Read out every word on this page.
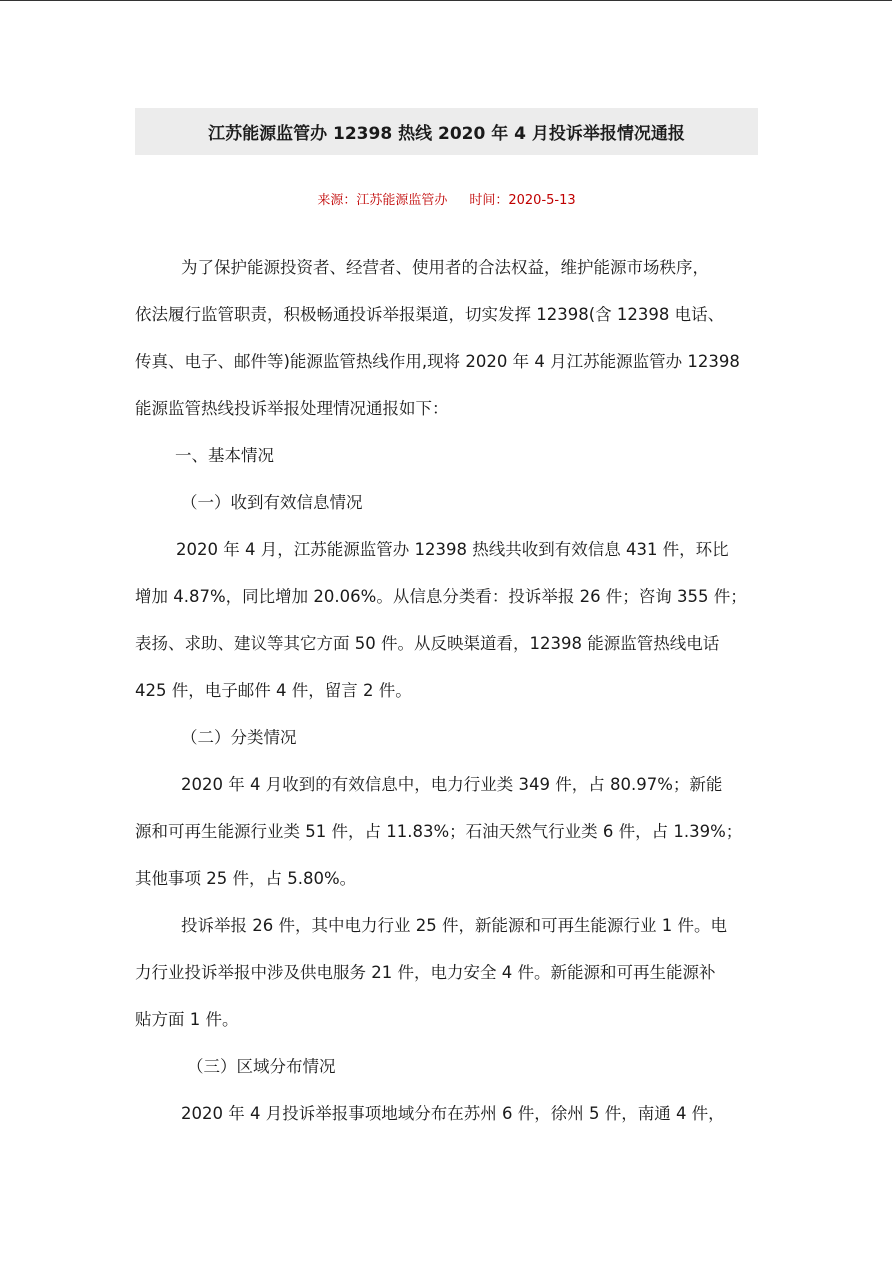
江苏能源监管办 12398 热线 2020 年 4 月投诉举报情况通报
来源：江苏能源监管办 时间：2020-5-13
为了保护能源投资者、经营者、使用者的合法权益，维护能源市场秩序，
依法履行监管职责，积极畅通投诉举报渠道，切实发挥 12398(含 12398 电话、
传真、电子、邮件等)能源监管热线作用,现将 2020 年 4 月江苏能源监管办 12398
能源监管热线投诉举报处理情况通报如下：
一、基本情况
（一）收到有效信息情况
2020 年 4 月，江苏能源监管办 12398 热线共收到有效信息 431 件，环比
增加 4.87%，同比增加 20.06%。从信息分类看：投诉举报 26 件；咨询 355 件；
表扬、求助、建议等其它方面 50 件。从反映渠道看，12398 能源监管热线电话
425 件，电子邮件 4 件，留言 2 件。
（二）分类情况
2020 年 4 月收到的有效信息中，电力行业类 349 件，占 80.97%；新能
源和可再生能源行业类 51 件，占 11.83%；石油天然气行业类 6 件，占 1.39%；
其他事项 25 件，占 5.80%。
投诉举报 26 件，其中电力行业 25 件，新能源和可再生能源行业 1 件。电
力行业投诉举报中涉及供电服务 21 件，电力安全 4 件。新能源和可再生能源补
贴方面 1 件。
（三）区域分布情况
2020 年 4 月投诉举报事项地域分布在苏州 6 件，徐州 5 件，南通 4 件，
